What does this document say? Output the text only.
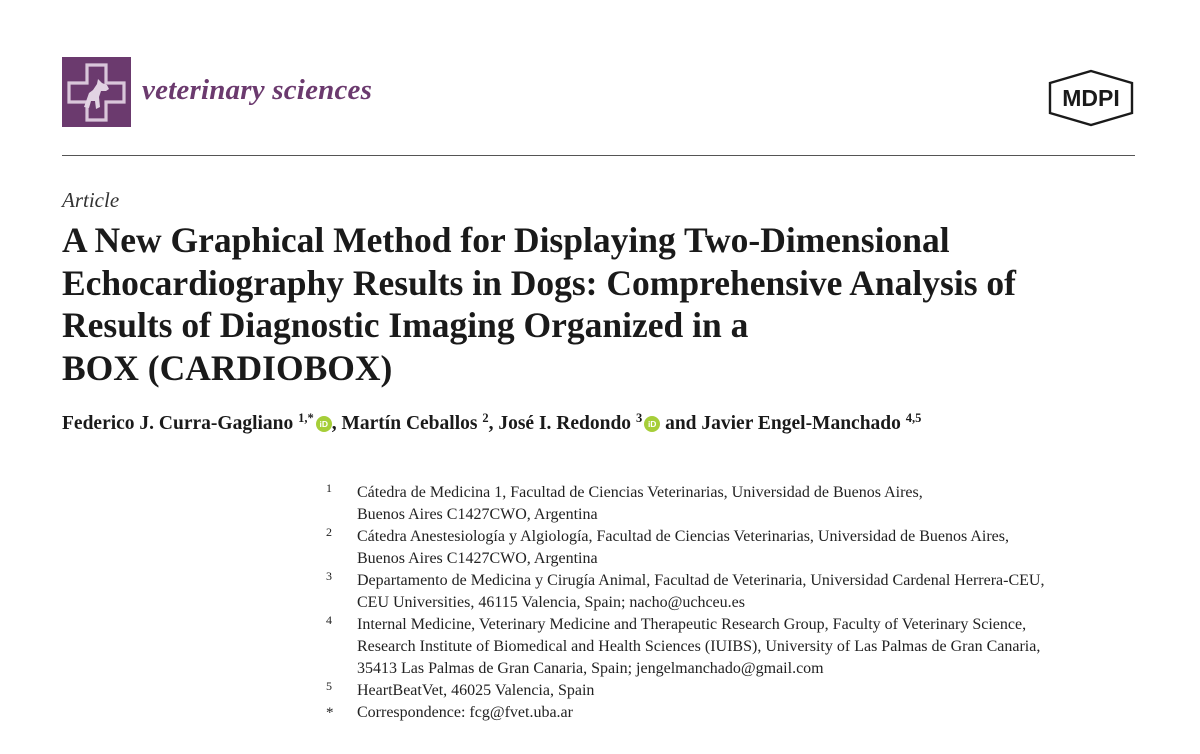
veterinary sciences	MDPI
Article
A New Graphical Method for Displaying Two-Dimensional
Echocardiography Results in Dogs: Comprehensive Analysis of
Results of Diagnostic Imaging Organized in a
BOX (CARDIOBOX)
Federico J. Curra-Gagliano $^{1,*}$ iD , Martín Ceballos $^2$, José I. Redondo $^3$ iD and Javier Engel-Manchado $^{4,5}$
1 Cátedra de Medicina 1, Facultad de Ciencias Veterinarias, Universidad de Buenos Aires,
Buenos Aires C1427CWO, Argentina
2 Cátedra Anestesiología y Algiología, Facultad de Ciencias Veterinarias, Universidad de Buenos Aires,
Buenos Aires C1427CWO, Argentina
3 Departamento de Medicina y Cirugía Animal, Facultad de Veterinaria, Universidad Cardenal Herrera-CEU,
CEU Universities, 46115 Valencia, Spain; nacho@uchceu.es
4 Internal Medicine, Veterinary Medicine and Therapeutic Research Group, Faculty of Veterinary Science,
Research Institute of Biomedical and Health Sciences (IUIBS), University of Las Palmas de Gran Canaria,
35413 Las Palmas de Gran Canaria, Spain; jengelmanchado@gmail.com
5 HeartBeatVet, 46025 Valencia, Spain
* Correspondence: fcg@fvet.uba.ar
